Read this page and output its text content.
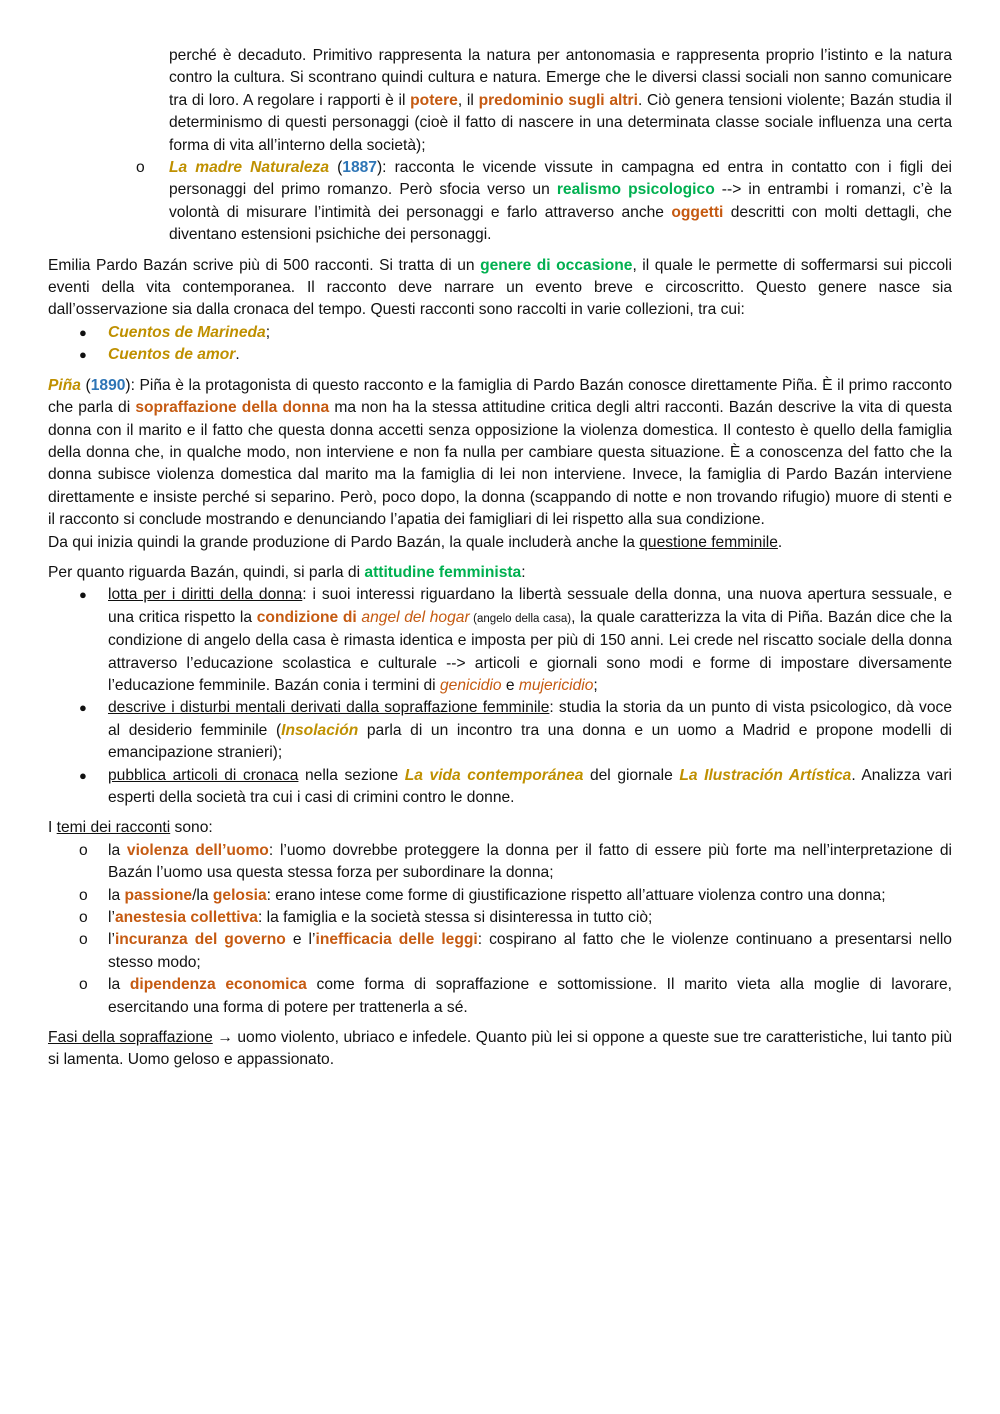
perché è decaduto. Primitivo rappresenta la natura per antonomasia e rappresenta proprio l’istinto e la natura contro la cultura. Si scontrano quindi cultura e natura. Emerge che le diversi classi sociali non sanno comunicare tra di loro. A regolare i rapporti è il potere, il predominio sugli altri. Ciò genera tensioni violente; Bazán studia il determinismo di questi personaggi (cioè il fatto di nascere in una determinata classe sociale influenza una certa forma di vita all’interno della società);

o La madre Naturaleza (1887): racconta le vicende vissute in campagna ed entra in contatto con i figli dei personaggi del primo romanzo. Però sfocia verso un realismo psicologico --> in entrambi i romanzi, c’è la volontà di misurare l’intimità dei personaggi e farlo attraverso anche oggetti descritti con molti dettagli, che diventano estensioni psichiche dei personaggi.

Emilia Pardo Bazán scrive più di 500 racconti. Si tratta di un genere di occasione, il quale le permette di soffermarsi sui piccoli eventi della vita contemporanea. Il racconto deve narrare un evento breve e circoscritto. Questo genere nasce sia dall’osservazione sia dalla cronaca del tempo. Questi racconti sono raccolti in varie collezioni, tra cui:

● Cuentos de Marineda;
● Cuentos de amor.

Piña (1890): Piña è la protagonista di questo racconto e la famiglia di Pardo Bazán conosce direttamente Piña. È il primo racconto che parla di sopraffazione della donna ma non ha la stessa attitudine critica degli altri racconti. Bazán descrive la vita di questa donna con il marito e il fatto che questa donna accetti senza opposizione la violenza domestica. Il contesto è quello della famiglia della donna che, in qualche modo, non interviene e non fa nulla per cambiare questa situazione. È a conoscenza del fatto che la donna subisce violenza domestica dal marito ma la famiglia di lei non interviene. Invece, la famiglia di Pardo Bazán interviene direttamente e insiste perché si separino. Però, poco dopo, la donna (scappando di notte e non trovando rifugio) muore di stenti e il racconto si conclude mostrando e denunciando l’apatia dei famigliari di lei rispetto alla sua condizione.

Da qui inizia quindi la grande produzione di Pardo Bazán, la quale includerà anche la questione femminile.

Per quanto riguarda Bazán, quindi, si parla di attitudine femminista:

● lotta per i diritti della donna: i suoi interessi riguardano la libertà sessuale della donna, una nuova apertura sessuale, e una critica rispetto la condizione di angel del hogar (angelo della casa), la quale caratterizza la vita di Piña. Bazán dice che la condizione di angelo della casa è rimasta identica e imposta per più di 150 anni. Lei crede nel riscatto sociale della donna attraverso l’educazione scolastica e culturale --> articoli e giornali sono modi e forme di impostare diversamente l’educazione femminile. Bazán conia i termini di genicidio e mujericidio;
● descrive i disturbi mentali derivati dalla sopraffazione femminile: studia la storia da un punto di vista psicologico, dà voce al desiderio femminile (Insolación parla di un incontro tra una donna e un uomo a Madrid e propone modelli di emancipazione stranieri);
● pubblica articoli di cronaca nella sezione La vida contemporánea del giornale La Ilustración Artística. Analizza vari esperti della società tra cui i casi di crimini contro le donne.

I temi dei racconti sono:

o la violenza dell’uomo: l’uomo dovrebbe proteggere la donna per il fatto di essere più forte ma nell’interpretazione di Bazán l’uomo usa questa stessa forza per subordinare la donna;
o la passione/la gelosia: erano intese come forme di giustificazione rispetto all’attuare violenza contro una donna;
o l’anestesia collettiva: la famiglia e la società stessa si disinteressa in tutto ciò;
o l’incuranza del governo e l’inefficacia delle leggi: cospirano al fatto che le violenze continuano a presentarsi nello stesso modo;
o la dipendenza economica come forma di sopraffazione e sottomissione. Il marito vieta alla moglie di lavorare, esercitando una forma di potere per trattenerla a sé.

Fasi della sopraffazione → uomo violento, ubriaco e infedele. Quanto più lei si oppone a queste sue tre caratteristiche, lui tanto più si lamenta. Uomo geloso e appassionato.
